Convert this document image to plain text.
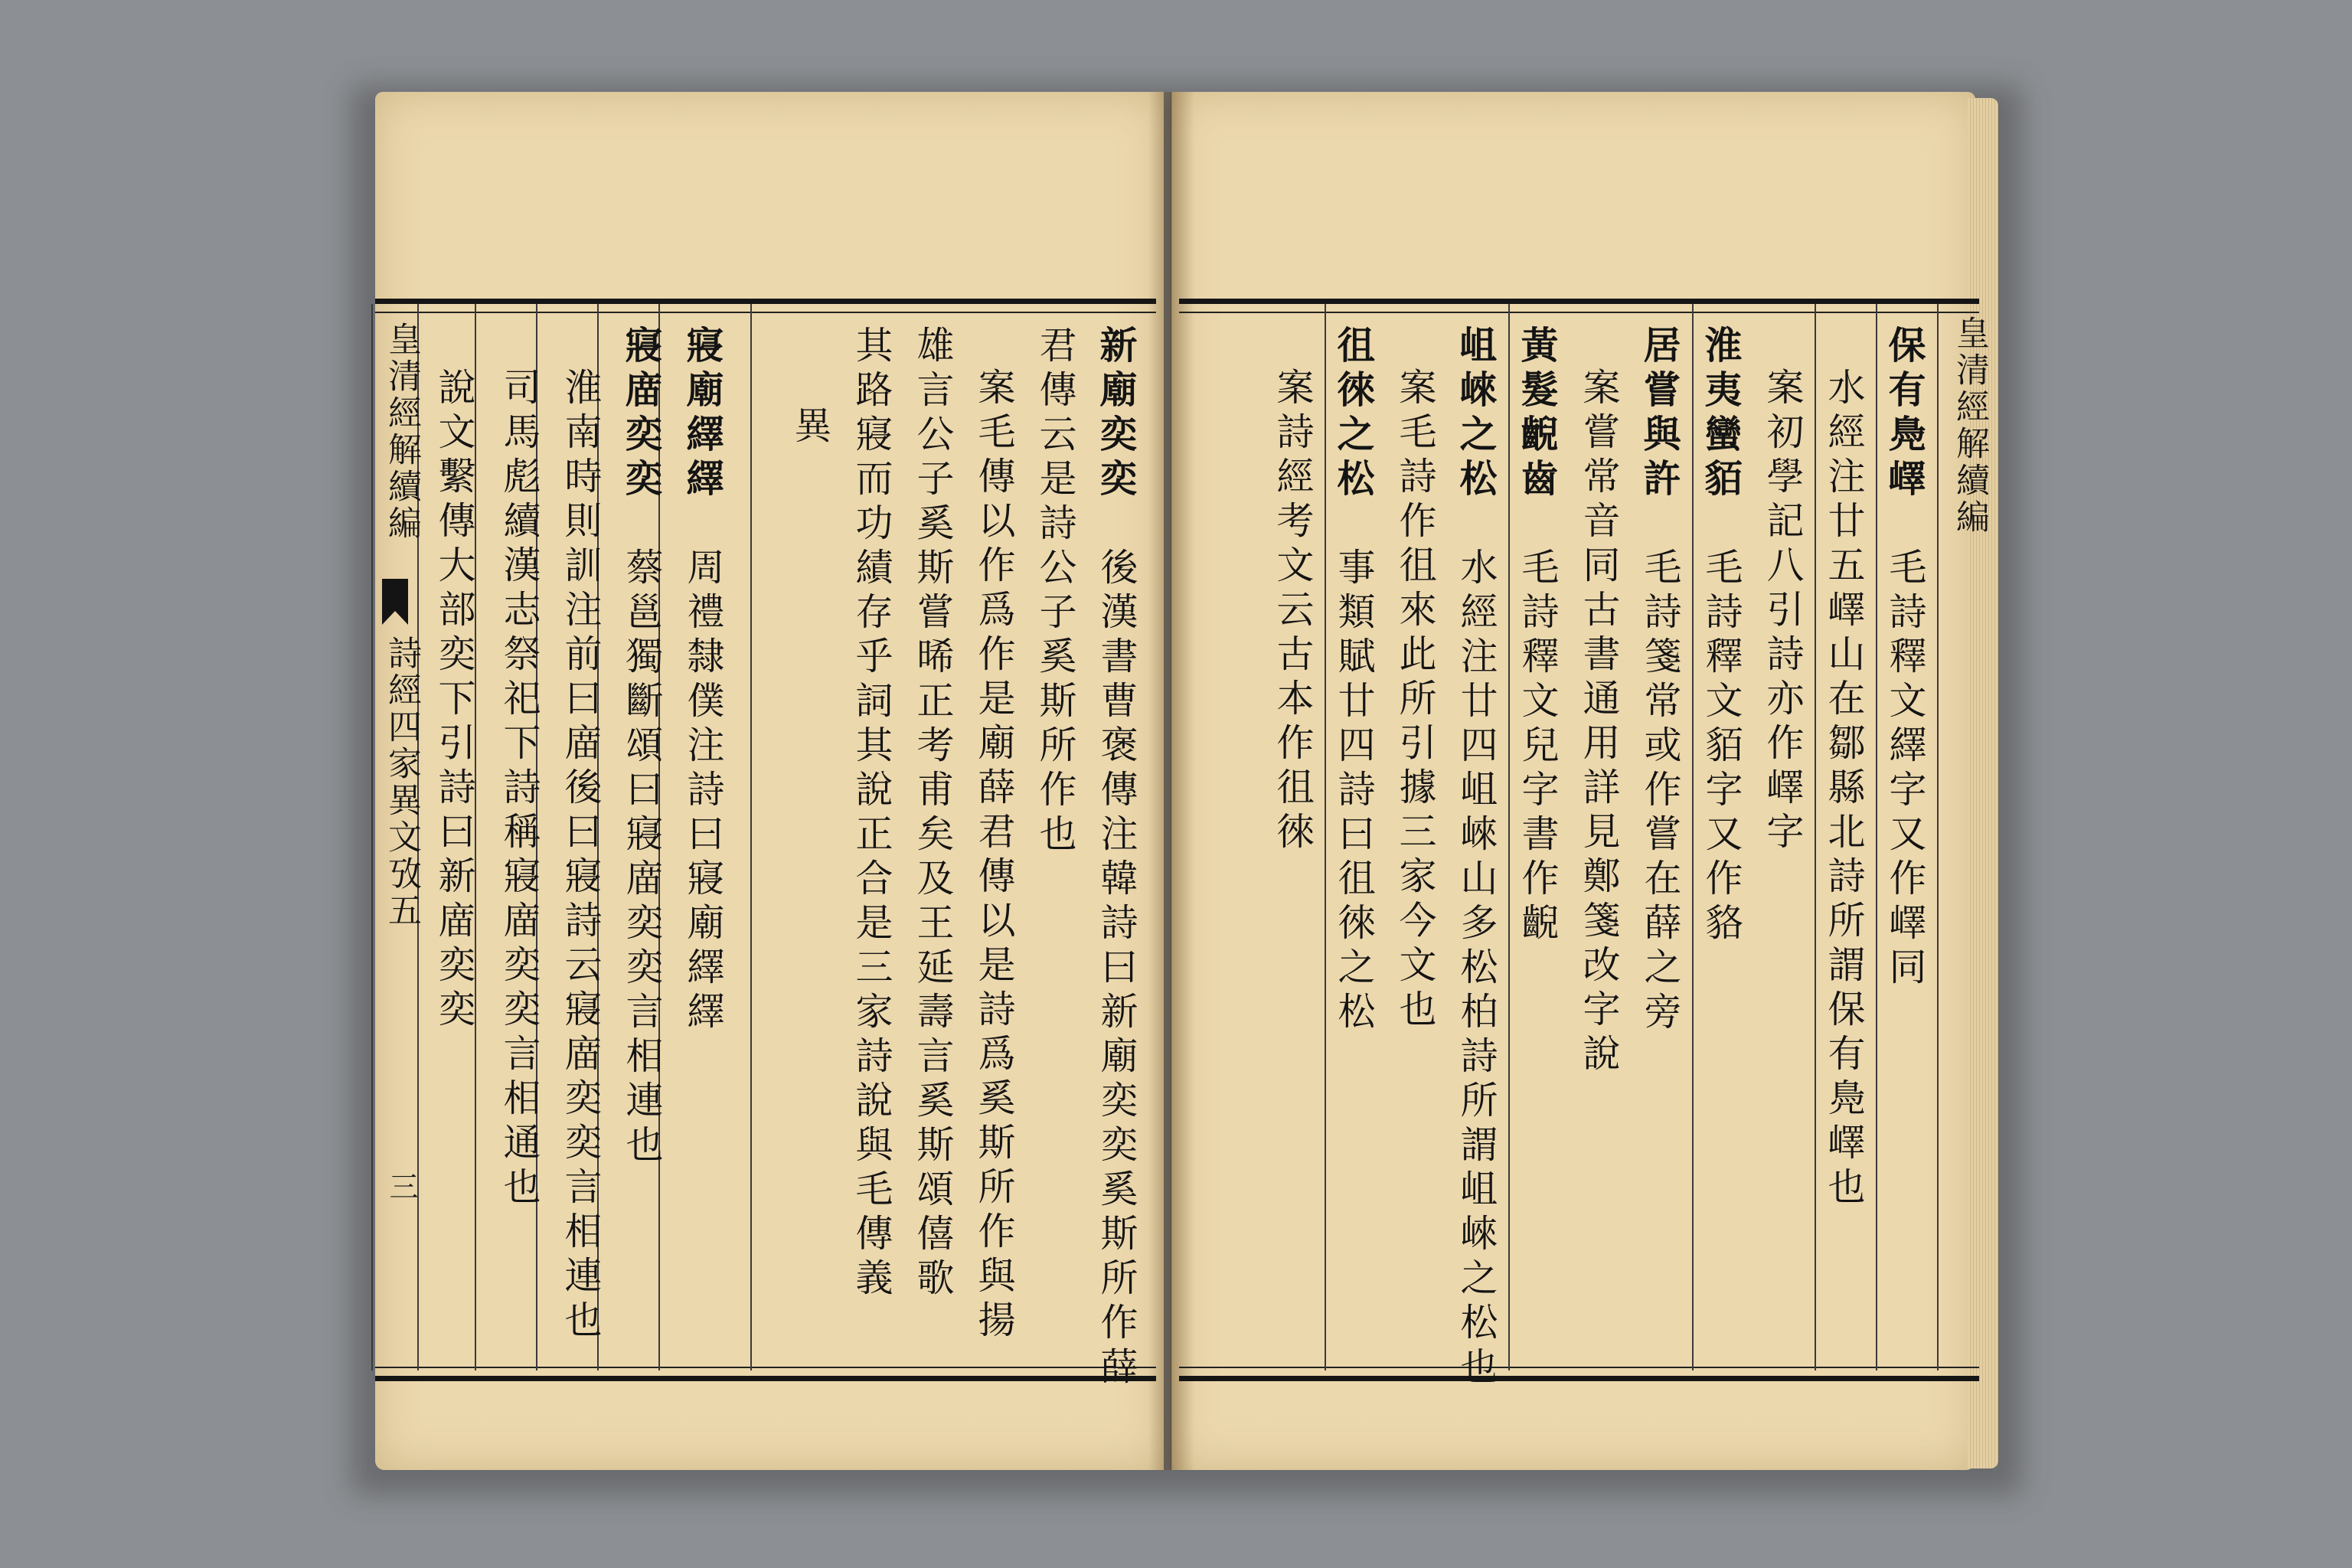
皇清經解續編
詩經四家異文攷五
三
新廟奕奕　後漢書曹褒傳注韓詩曰新廟奕奕奚斯所作薛
君傳云是詩公子奚斯所作也
案毛傳以作爲作是廟薛君傳以是詩爲奚斯所作與揚
雄言公子奚斯嘗晞正考甫矣及王延壽言奚斯頌僖歌
其路寢而功績存乎詞其說正合是三家詩說與毛傳義
異
寢廟繹繹　周禮隸僕注詩曰寢廟繹繹
寢庿奕奕　蔡邕獨斷頌曰寢庿奕奕言相連也
淮南時則訓注前曰庿後曰寢詩云寢庿奕奕言相連也
司馬彪續漢志祭祀下詩稱寢庿奕奕言相通也
說文繫傳大部奕下引詩曰新庿奕奕	皇清經解續編
保有鳧嶧　毛詩釋文繹字又作嶧同
水經注廿五嶧山在鄒縣北詩所謂保有鳧嶧也
案初學記八引詩亦作嶧字
淮夷蠻貊　毛詩釋文貊字又作貉
居嘗與許　毛詩箋常或作嘗在薛之旁
案嘗常音同古書通用詳見鄭箋改字說
黃髮齯齒　毛詩釋文兒字書作齯
岨崍之松　水經注廿四岨崍山多松柏詩所謂岨崍之松也
案毛詩作徂來此所引據三家今文也
徂徠之松　事類賦廿四詩曰徂徠之松
案詩經考文云古本作徂徠
